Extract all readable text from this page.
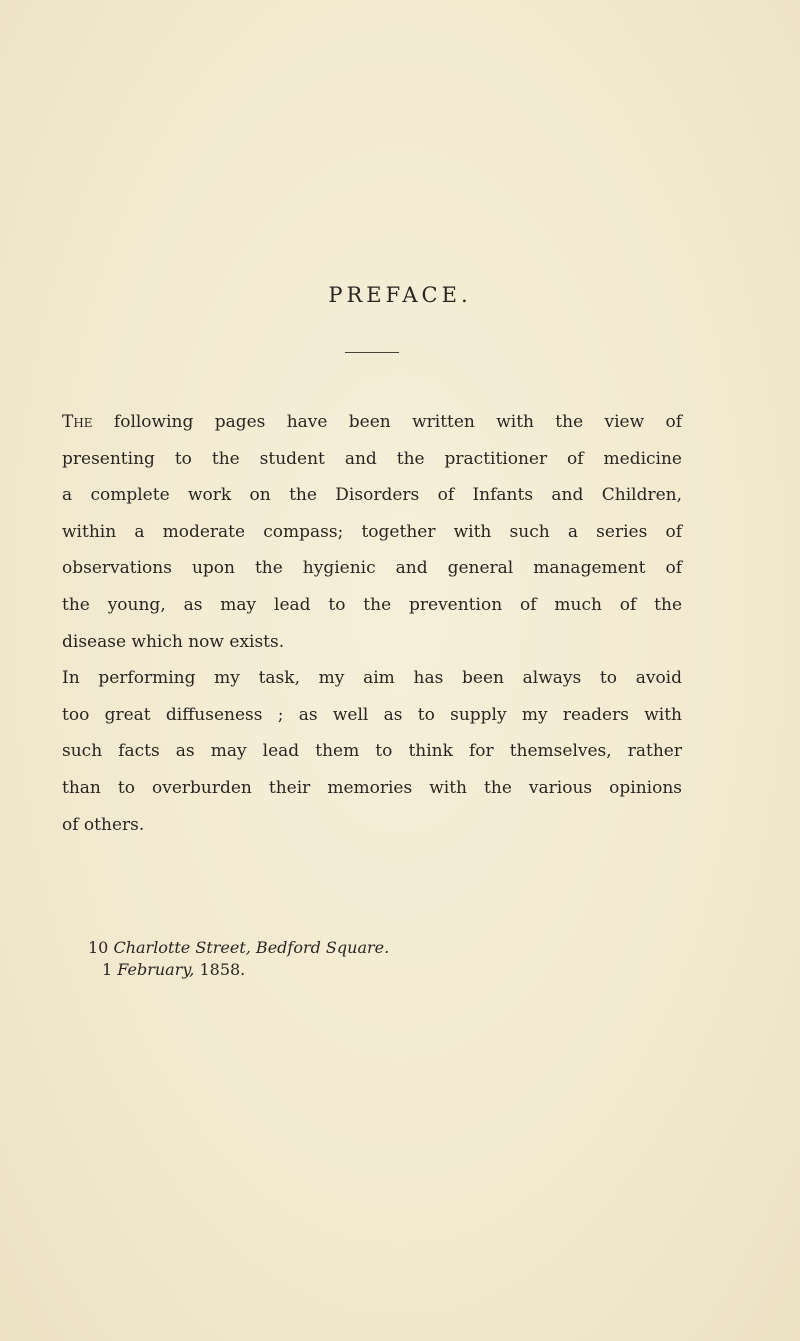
PREFACE.
The following pages have been written with the view of
presenting to the student and the practitioner of medicine
a complete work on the Disorders of Infants and Children,
within a moderate compass; together with such a series of
observations upon the hygienic and general management of
the young, as may lead to the prevention of much of the
disease which now exists.
In performing my task, my aim has been always to avoid
too great diffuseness ; as well as to supply my readers with
such facts as may lead them to think for themselves, rather
than to overburden their memories with the various opinions
of others.
10 Charlotte Street, Bedford Square.
1 February, 1858.
